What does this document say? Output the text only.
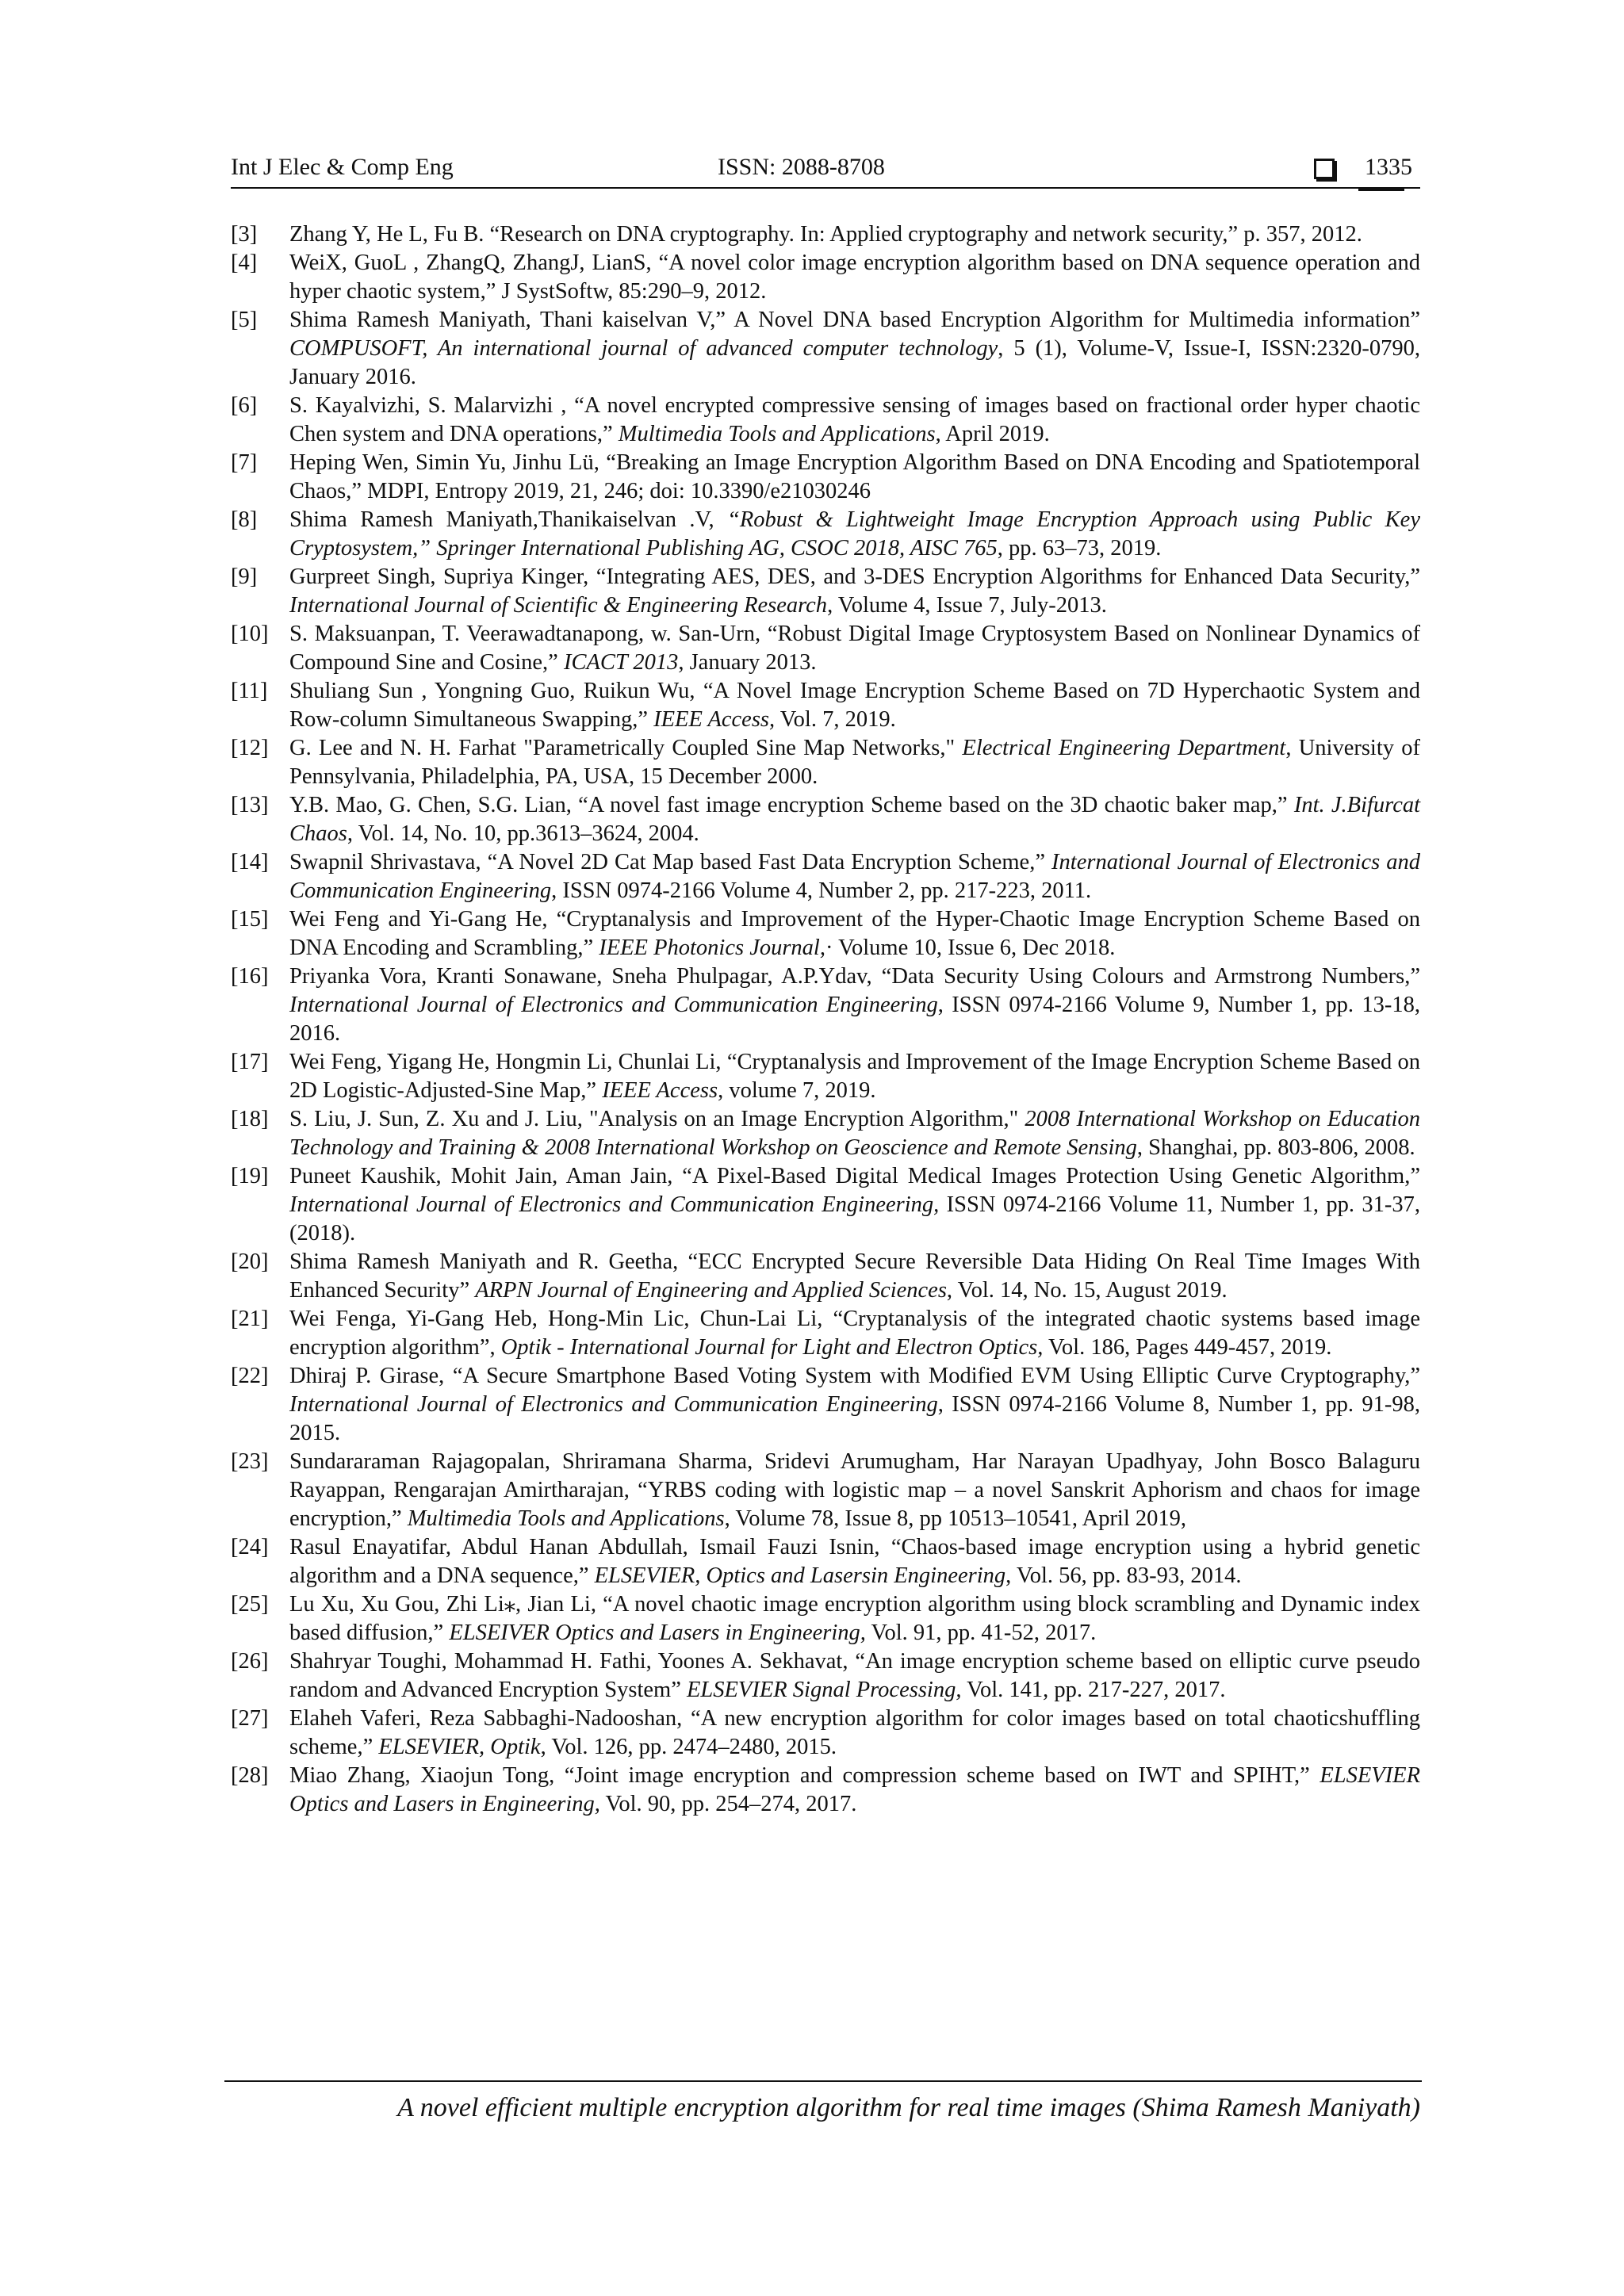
Int J Elec & Comp Eng	ISSN: 2088-8708	1335
[3]	Zhang Y, He L, Fu B. “Research on DNA cryptography. In: Applied cryptography and network security,” p. 357, 2012.
[4]	WeiX, GuoL , ZhangQ, ZhangJ, LianS, “A novel color image encryption algorithm based on DNA sequence operation and hyper chaotic system,” J SystSoftw, 85:290–9, 2012.
[5]	Shima Ramesh Maniyath, Thani kaiselvan V,” A Novel DNA based Encryption Algorithm for Multimedia information” COMPUSOFT, An international journal of advanced computer technology, 5 (1), Volume-V, Issue-I, ISSN:2320-0790, January 2016.
[6]	S. Kayalvizhi, S. Malarvizhi , “A novel encrypted compressive sensing of images based on fractional order hyper chaotic Chen system and DNA operations,” Multimedia Tools and Applications, April 2019.
[7]	Heping Wen, Simin Yu, Jinhu Lü, “Breaking an Image Encryption Algorithm Based on DNA Encoding and Spatiotemporal Chaos,” MDPI, Entropy 2019, 21, 246; doi: 10.3390/e21030246
[8]	Shima Ramesh Maniyath,Thanikaiselvan .V, “Robust & Lightweight Image Encryption Approach using Public Key Cryptosystem,” Springer International Publishing AG, CSOC 2018, AISC 765, pp. 63–73, 2019.
[9]	Gurpreet Singh, Supriya Kinger, “Integrating AES, DES, and 3-DES Encryption Algorithms for Enhanced Data Security,” International Journal of Scientific & Engineering Research, Volume 4, Issue 7, July-2013.
[10] S. Maksuanpan, T. Veerawadtanapong, w. San-Urn, “Robust Digital Image Cryptosystem Based on Nonlinear Dynamics of Compound Sine and Cosine,” ICACT 2013, January 2013.
[11] Shuliang Sun , Yongning Guo, Ruikun Wu, “A Novel Image Encryption Scheme Based on 7D Hyperchaotic System and Row-column Simultaneous Swapping,” IEEE Access, Vol. 7, 2019.
[12] G. Lee and N. H. Farhat "Parametrically Coupled Sine Map Networks," Electrical Engineering Department, University of Pennsylvania, Philadelphia, PA, USA, 15 December 2000.
[13] Y.B. Mao, G. Chen, S.G. Lian, “A novel fast image encryption Scheme based on the 3D chaotic baker map,” Int. J.Bifurcat Chaos, Vol. 14, No. 10, pp.3613–3624, 2004.
[14] Swapnil Shrivastava, “A Novel 2D Cat Map based Fast Data Encryption Scheme,” International Journal of Electronics and Communication Engineering, ISSN 0974-2166 Volume 4, Number 2, pp. 217-223, 2011.
[15] Wei Feng and Yi-Gang He, “Cryptanalysis and Improvement of the Hyper-Chaotic Image Encryption Scheme Based on DNA Encoding and Scrambling,” IEEE Photonics Journal,· Volume 10, Issue 6, Dec 2018.
[16] Priyanka Vora, Kranti Sonawane, Sneha Phulpagar, A.P.Ydav, “Data Security Using Colours and Armstrong Numbers,” International Journal of Electronics and Communication Engineering, ISSN 0974-2166 Volume 9, Number 1, pp. 13-18, 2016.
[17] Wei Feng, Yigang He, Hongmin Li, Chunlai Li, “Cryptanalysis and Improvement of the Image Encryption Scheme Based on 2D Logistic-Adjusted-Sine Map,” IEEE Access, volume 7, 2019.
[18] S. Liu, J. Sun, Z. Xu and J. Liu, "Analysis on an Image Encryption Algorithm," 2008 International Workshop on Education Technology and Training & 2008 International Workshop on Geoscience and Remote Sensing, Shanghai, pp. 803-806, 2008.
[19] Puneet Kaushik, Mohit Jain, Aman Jain, “A Pixel-Based Digital Medical Images Protection Using Genetic Algorithm,” International Journal of Electronics and Communication Engineering, ISSN 0974-2166 Volume 11, Number 1, pp. 31-37, (2018).
[20] Shima Ramesh Maniyath and R. Geetha, “ECC Encrypted Secure Reversible Data Hiding On Real Time Images With Enhanced Security” ARPN Journal of Engineering and Applied Sciences, Vol. 14, No. 15, August 2019.
[21] Wei Fenga, Yi-Gang Heb, Hong-Min Lic, Chun-Lai Li, “Cryptanalysis of the integrated chaotic systems based image encryption algorithm”, Optik - International Journal for Light and Electron Optics, Vol. 186, Pages 449-457, 2019.
[22] Dhiraj P. Girase, “A Secure Smartphone Based Voting System with Modified EVM Using Elliptic Curve Cryptography,” International Journal of Electronics and Communication Engineering, ISSN 0974-2166 Volume 8, Number 1, pp. 91-98, 2015.
[23] Sundararaman Rajagopalan, Shriramana Sharma, Sridevi Arumugham, Har Narayan Upadhyay, John Bosco Balaguru Rayappan, Rengarajan Amirtharajan, “YRBS coding with logistic map – a novel Sanskrit Aphorism and chaos for image encryption,” Multimedia Tools and Applications, Volume 78, Issue 8, pp 10513–10541, April 2019,
[24] Rasul Enayatifar, Abdul Hanan Abdullah, Ismail Fauzi Isnin, “Chaos-based image encryption using a hybrid genetic algorithm and a DNA sequence,” ELSEVIER, Optics and Lasersin Engineering, Vol. 56, pp. 83-93, 2014.
[25] Lu Xu, Xu Gou, Zhi Li⁎, Jian Li, “A novel chaotic image encryption algorithm using block scrambling and Dynamic index based diffusion,” ELSEIVER Optics and Lasers in Engineering, Vol. 91, pp. 41-52, 2017.
[26] Shahryar Toughi, Mohammad H. Fathi, Yoones A. Sekhavat, “An image encryption scheme based on elliptic curve pseudo random and Advanced Encryption System” ELSEVIER Signal Processing, Vol. 141, pp. 217-227, 2017.
[27] Elaheh Vaferi, Reza Sabbaghi-Nadooshan, “A new encryption algorithm for color images based on total chaoticshuffling scheme,” ELSEVIER, Optik, Vol. 126, pp. 2474–2480, 2015.
[28] Miao Zhang, Xiaojun Tong, “Joint image encryption and compression scheme based on IWT and SPIHT,” ELSEVIER Optics and Lasers in Engineering, Vol. 90, pp. 254–274, 2017.
A novel efficient multiple encryption algorithm for real time images (Shima Ramesh Maniyath)
